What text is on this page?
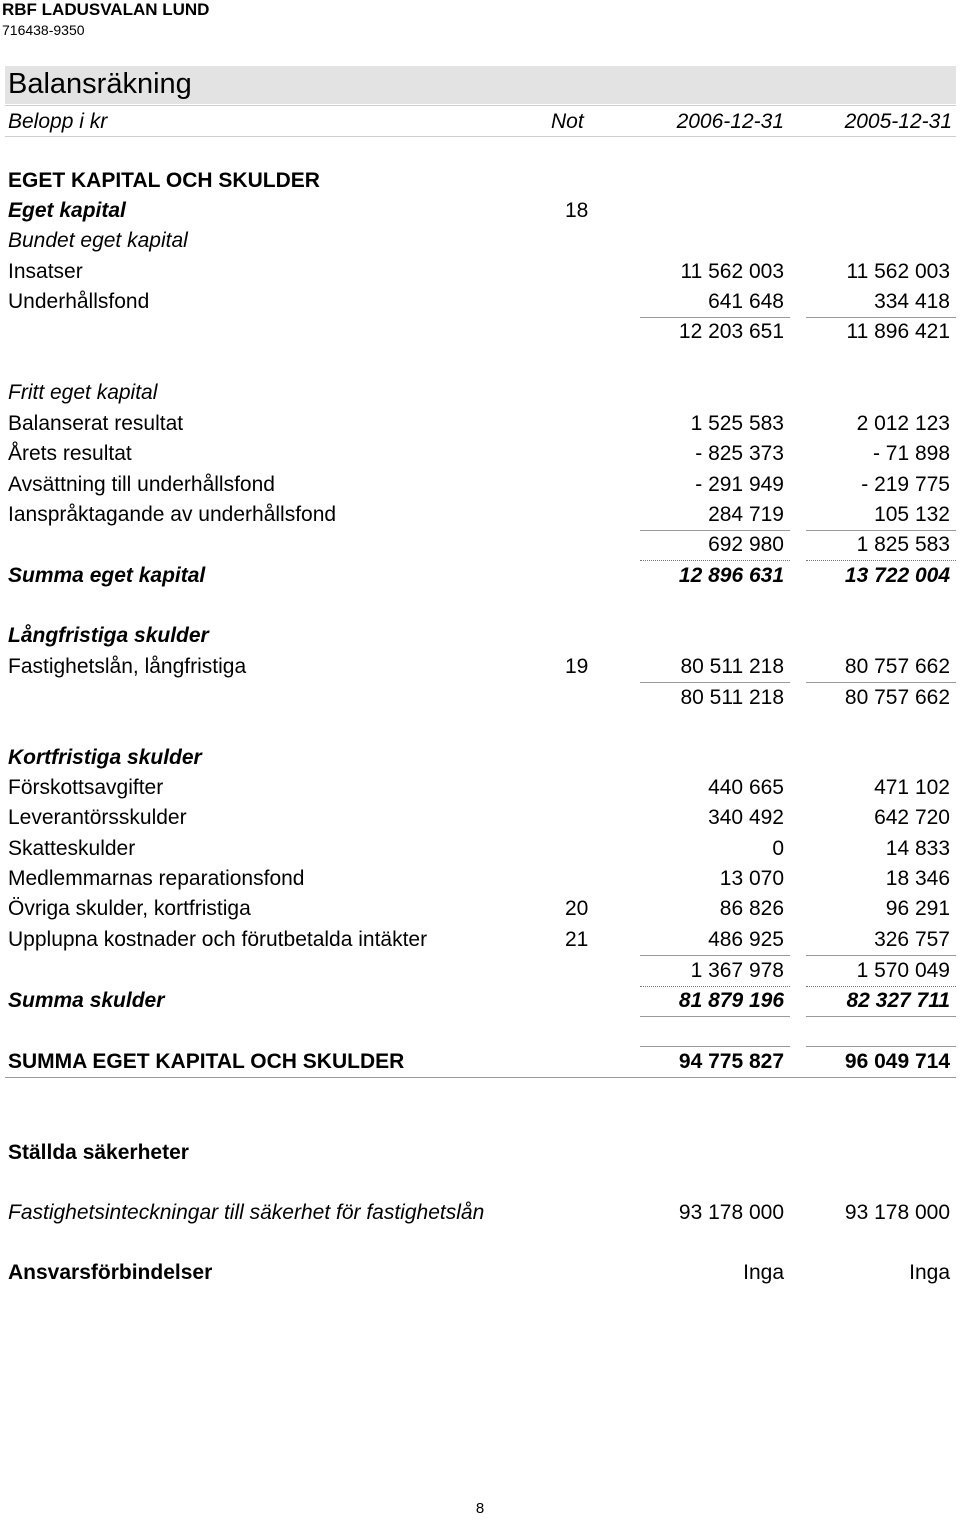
RBF LADUSVALAN LUND
716438-9350
Balansräkning
Belopp i kr	Not	2006-12-31	2005-12-31
EGET KAPITAL OCH SKULDER
Eget kapital	18
Bundet eget kapital
Insatser	11 562 003	11 562 003
Underhållsfond	641 648	334 418
12 203 651	11 896 421
Fritt eget kapital
Balanserat resultat	1 525 583	2 012 123
Årets resultat	- 825 373	- 71 898
Avsättning till underhållsfond	- 291 949	- 219 775
Ianspråktagande av underhållsfond	284 719	105 132
692 980	1 825 583
Summa eget kapital	12 896 631	13 722 004
Långfristiga skulder
Fastighetslån, långfristiga	19	80 511 218	80 757 662
80 511 218	80 757 662
Kortfristiga skulder
Förskottsavgifter	440 665	471 102
Leverantörsskulder	340 492	642 720
Skatteskulder	0	14 833
Medlemmarnas reparationsfond	13 070	18 346
Övriga skulder, kortfristiga	20	86 826	96 291
Upplupna kostnader och förutbetalda intäkter	21	486 925	326 757
1 367 978	1 570 049
Summa skulder	81 879 196	82 327 711
SUMMA EGET KAPITAL OCH SKULDER	94 775 827	96 049 714
Ställda säkerheter
Fastighetsinteckningar till säkerhet för fastighetslån	93 178 000	93 178 000
Ansvarsförbindelser	Inga	Inga
8
